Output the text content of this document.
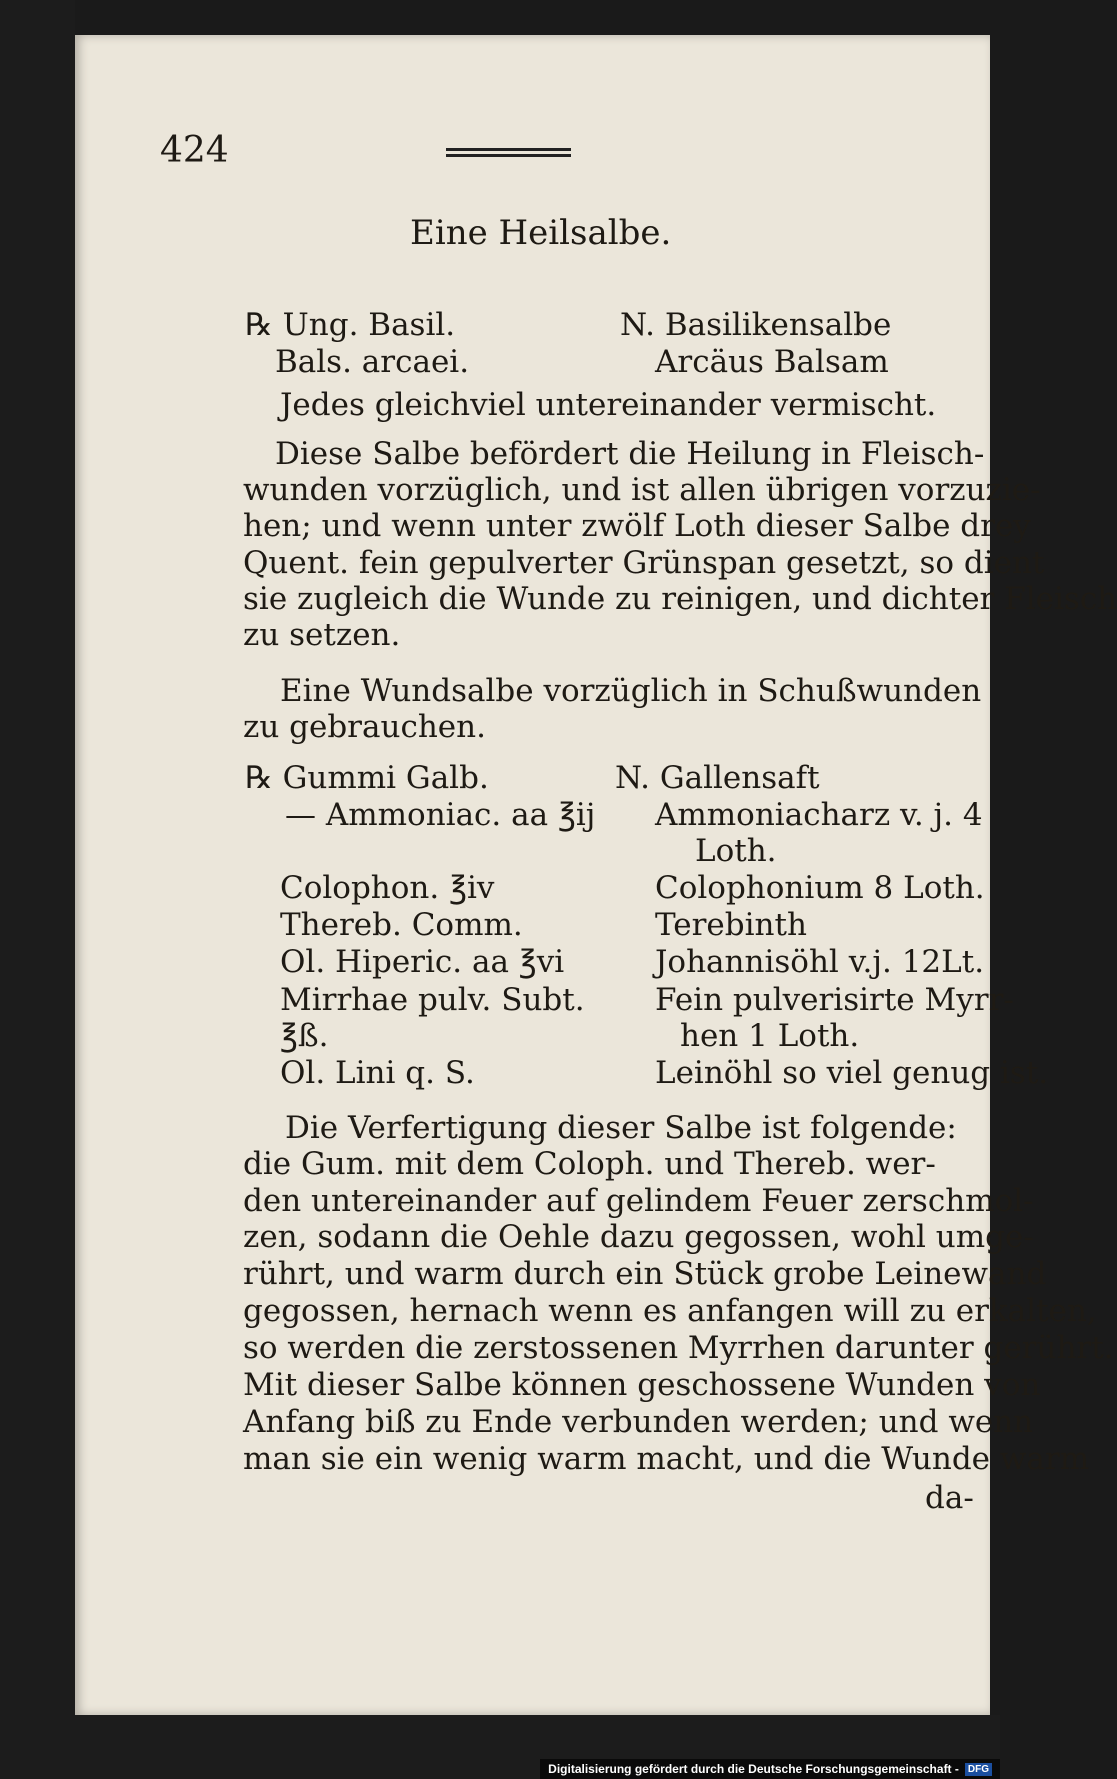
424
Eine Heilsalbe.
℞ Ung. Basil.
Bals. arcaei.
N. Basilikensalbe
Arcäus Balsam
Jedes gleichviel untereinander vermischt.
Diese Salbe befördert die Heilung in Fleisch-
wunden vorzüglich, und ist allen übrigen vorzuzie-
hen; und wenn unter zwölf Loth dieser Salbe drey
Quent. fein gepulverter Grünspan gesetzt, so dient
sie zugleich die Wunde zu reinigen, und dichter Fleisch
zu setzen.
Eine Wundsalbe vorzüglich in Schußwunden
zu gebrauchen.
℞ Gummi Galb.
— Ammoniac. aa ℥ij
Colophon. ℥iv
Thereb. Comm.
Ol. Hiperic. aa ℥vi
Mirrhae pulv. Subt.
℥ß.
Ol. Lini q. S.
N. Gallensaft
Ammoniacharz v. j. 4
Loth.
Colophonium 8 Loth.
Terebinth
Johannisöhl v.j. 12Lt.
Fein pulverisirte Myrr-
hen 1 Loth.
Leinöhl so viel genug ist.
Die Verfertigung dieser Salbe ist folgende:
die Gum. mit dem Coloph. und Thereb. wer-
den untereinander auf gelindem Feuer zerschmol-
zen, sodann die Oehle dazu gegossen, wohl umge-
rührt, und warm durch ein Stück grobe Leinewand
gegossen, hernach wenn es anfangen will zu erkalten,
so werden die zerstossenen Myrrhen darunter gerührt.
Mit dieser Salbe können geschossene Wunden von
Anfang biß zu Ende verbunden werden; und wenn
man sie ein wenig warm macht, und die Wunde warm
da-
Digitalisierung gefördert durch die Deutsche Forschungsgemeinschaft - DFG
